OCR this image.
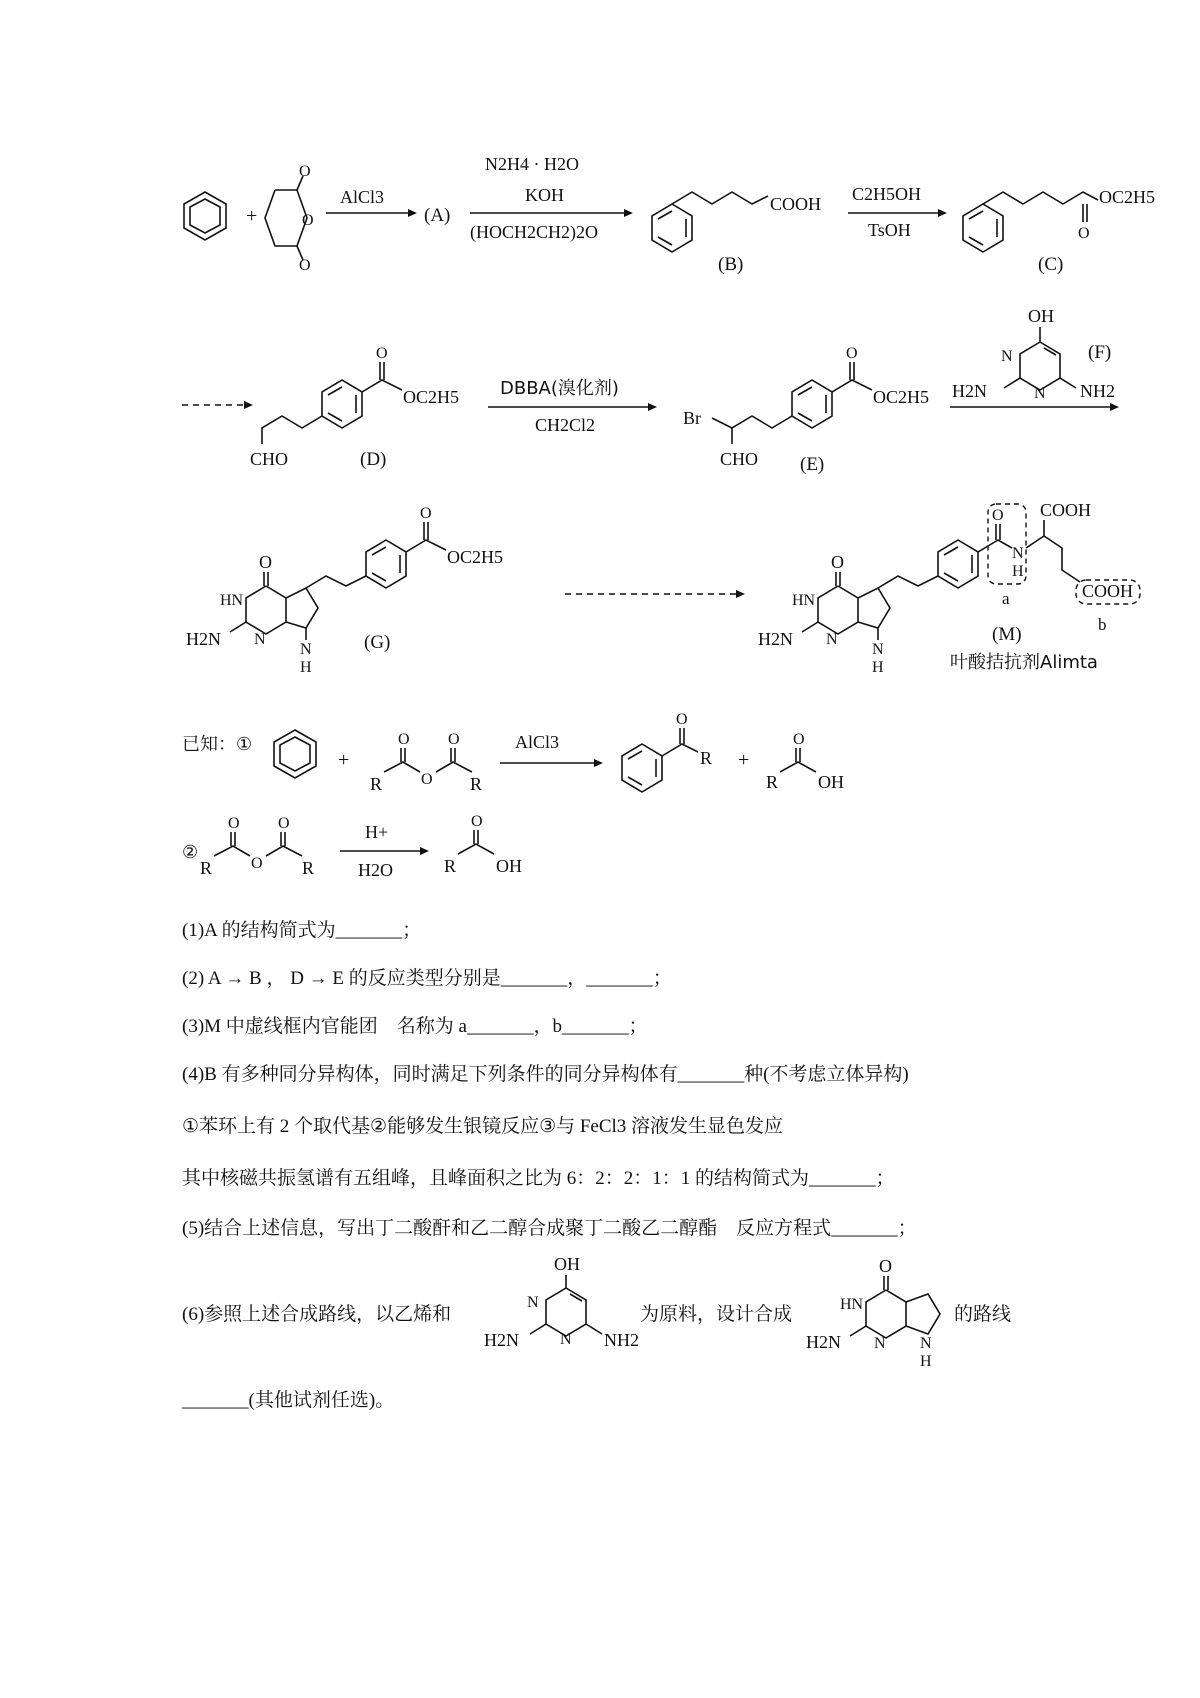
+
O
O
O
AlCl3
(A)
N2H4 · H2O
KOH
(HOCH2CH2)2O
COOH
(B)
C2H5OH
TsOH	O
OC2H5
(C)
O
OC2H5
CHO	(D)
DBBA(溴化剂)
CH2Cl2
O
OC2H5
Br
CHO (E)
OH
N
N
H2N	NH2
(F)
O
HN
N
H2N
N
H
O
OC2H5
(G)
O
HN
N
H2N
N
H
O
N
H
COOH
COOH
a
b
(M)
叶酸拮抗剂Alimta
已知：①
+
O O
O
R	R
AlCl3
O
R +
O
R OH
②
O O
O
R	R
H+
H2O
O
R OH
OH
N
N
H2N	NH2
O
HN
N
H2N	N
H
(1)A 的结构简式为_______；
(2) A → B ， D → E 的反应类型分别是_______，_______；
(3)M 中虚线框内官能团　名称为 a_______，b_______；
(4)B 有多种同分异构体，同时满足下列条件的同分异构体有_______种(不考虑立体异构)
①苯环上有 2 个取代基②能够发生银镜反应③与 FeCl3 溶液发生显色发应
其中核磁共振氢谱有五组峰，且峰面积之比为 6：2：2：1：1 的结构简式为_______；
(5)结合上述信息，写出丁二酸酐和乙二醇合成聚丁二酸乙二醇酯　反应方程式_______；
(6)参照上述合成路线，以乙烯和	为原料，设计合成	的路线
_______(其他试剂任选)。
